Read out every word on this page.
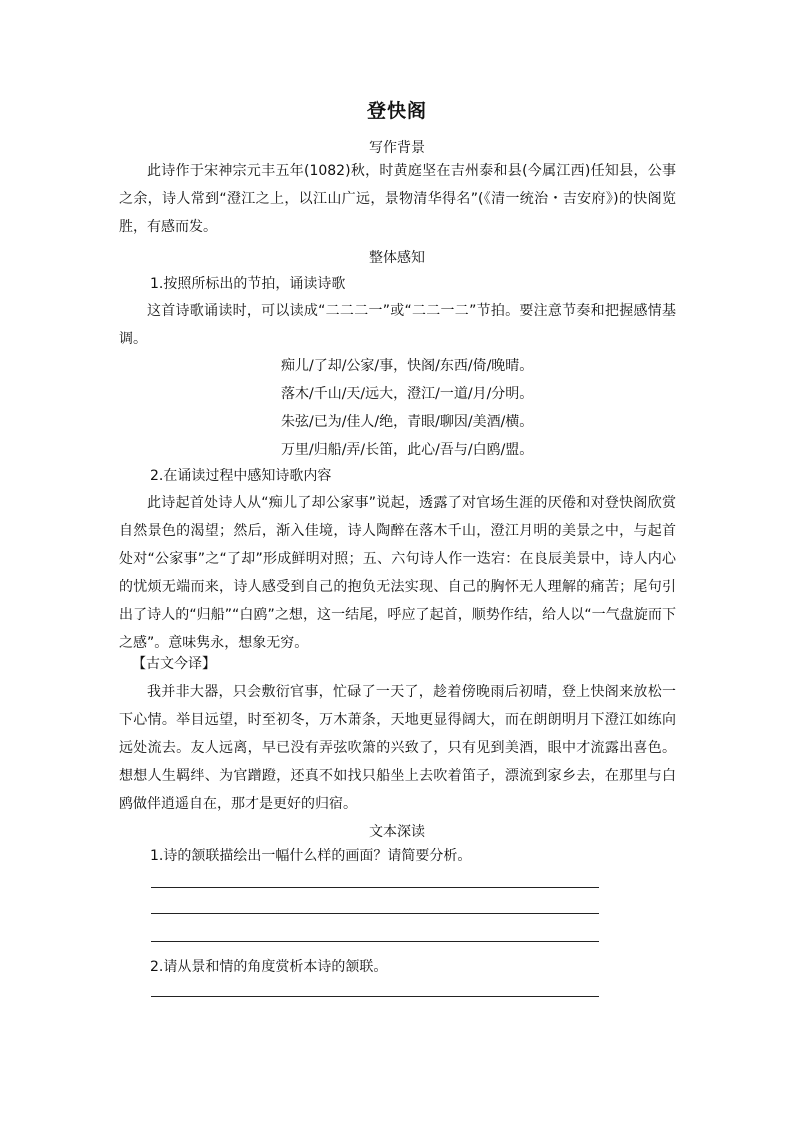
登快阁
写作背景

此诗作于宋神宗元丰五年(1082)秋，时黄庭坚在吉州泰和县(今属江西)任知县，公事之余，诗人常到“澄江之上，以江山广远，景物清华得名”(《清一统治・吉安府》)的快阁览胜，有感而发。

整体感知
1.按照所标出的节拍，诵读诗歌

这首诗歌诵读时，可以读成“二二二一”或“二二一二”节拍。要注意节奏和把握感情基调。

痴儿/了却/公家/事，快阁/东西/倚/晚晴。
落木/千山/天/远大，澄江/一道/月/分明。
朱弦/已为/佳人/绝，青眼/聊因/美酒/横。
万里/归船/弄/长笛，此心/吾与/白鸥/盟。
2.在诵读过程中感知诗歌内容

此诗起首处诗人从“痴儿了却公家事”说起，透露了对官场生涯的厌倦和对登快阁欣赏自然景色的渴望；然后，渐入佳境，诗人陶醉在落木千山，澄江月明的美景之中，与起首处对“公家事”之“了却”形成鲜明对照；五、六句诗人作一迭宕：在良辰美景中，诗人内心的忧烦无端而来，诗人感受到自己的抱负无法实现、自己的胸怀无人理解的痛苦；尾句引出了诗人的“归船”“白鸥”之想，这一结尾，呼应了起首，顺势作结，给人以“一气盘旋而下之感”。意味隽永，想象无穷。

【古文今译】

我并非大器，只会敷衍官事，忙碌了一天了，趁着傍晚雨后初晴，登上快阁来放松一下心情。举目远望，时至初冬，万木萧条，天地更显得阔大，而在朗朗明月下澄江如练向远处流去。友人远离，早已没有弄弦吹箫的兴致了，只有见到美酒，眼中才流露出喜色。想想人生羁绊、为官蹭蹬，还真不如找只船坐上去吹着笛子，漂流到家乡去，在那里与白鸥做伴逍遥自在，那才是更好的归宿。

文本深读
1.诗的颔联描绘出一幅什么样的画面？请简要分析。
2.请从景和情的角度赏析本诗的颔联。
